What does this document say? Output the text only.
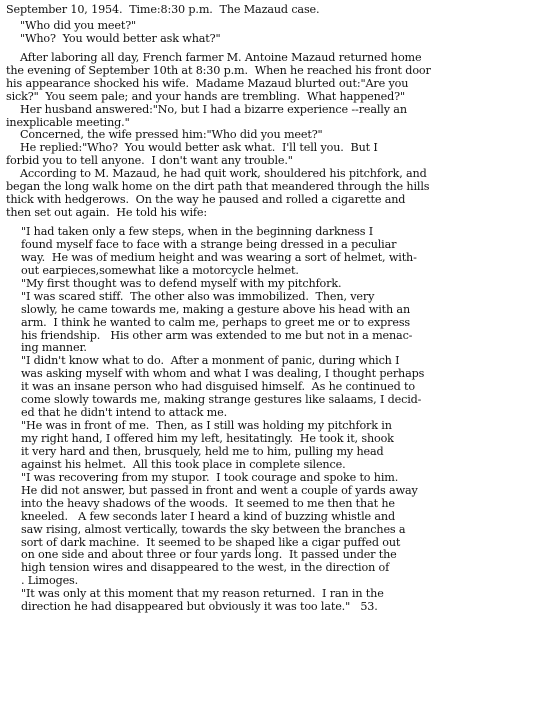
September 10, 1954.  Time:8:30 p.m.  The Mazaud case.
"Who did you meet?"
"Who?  You would better ask what?"
After laboring all day, French farmer M. Antoine Mazaud returned home
the evening of September 10th at 8:30 p.m.  When he reached his front door
his appearance shocked his wife.  Madame Mazaud blurted out:"Are you
sick?"  You seem pale; and your hands are trembling.  What happened?"
Her husband answered:"No, but I had a bizarre experience --really an
inexplicable meeting."
Concerned, the wife pressed him:"Who did you meet?"
He replied:"Who?  You would better ask what.  I'll tell you.  But I
forbid you to tell anyone.  I don't want any trouble."
According to M. Mazaud, he had quit work, shouldered his pitchfork, and
began the long walk home on the dirt path that meandered through the hills
thick with hedgerows.  On the way he paused and rolled a cigarette and
then set out again.  He told his wife:
"I had taken only a few steps, when in the beginning darkness I
found myself face to face with a strange being dressed in a peculiar
way.  He was of medium height and was wearing a sort of helmet, with-
out earpieces,somewhat like a motorcycle helmet.
"My first thought was to defend myself with my pitchfork.
"I was scared stiff.  The other also was immobilized.  Then, very
slowly, he came towards me, making a gesture above his head with an
arm.  I think he wanted to calm me, perhaps to greet me or to express
his friendship.   His other arm was extended to me but not in a menac-
ing manner.
"I didn't know what to do.  After a monment of panic, during which I
was asking myself with whom and what I was dealing, I thought perhaps
it was an insane person who had disguised himself.  As he continued to
come slowly towards me, making strange gestures like salaams, I decid-
ed that he didn't intend to attack me.
"He was in front of me.  Then, as I still was holding my pitchfork in
my right hand, I offered him my left, hesitatingly.  He took it, shook
it very hard and then, brusquely, held me to him, pulling my head
against his helmet.  All this took place in complete silence.
"I was recovering from my stupor.  I took courage and spoke to him.
He did not answer, but passed in front and went a couple of yards away
into the heavy shadows of the woods.  It seemed to me then that he
kneeled.   A few seconds later I heard a kind of buzzing whistle and
saw rising, almost vertically, towards the sky between the branches a
sort of dark machine.  It seemed to be shaped like a cigar puffed out
on one side and about three or four yards long.  It passed under the
high tension wires and disappeared to the west, in the direction of
. Limoges.
"It was only at this moment that my reason returned.  I ran in the
direction he had disappeared but obviously it was too late."   53.
